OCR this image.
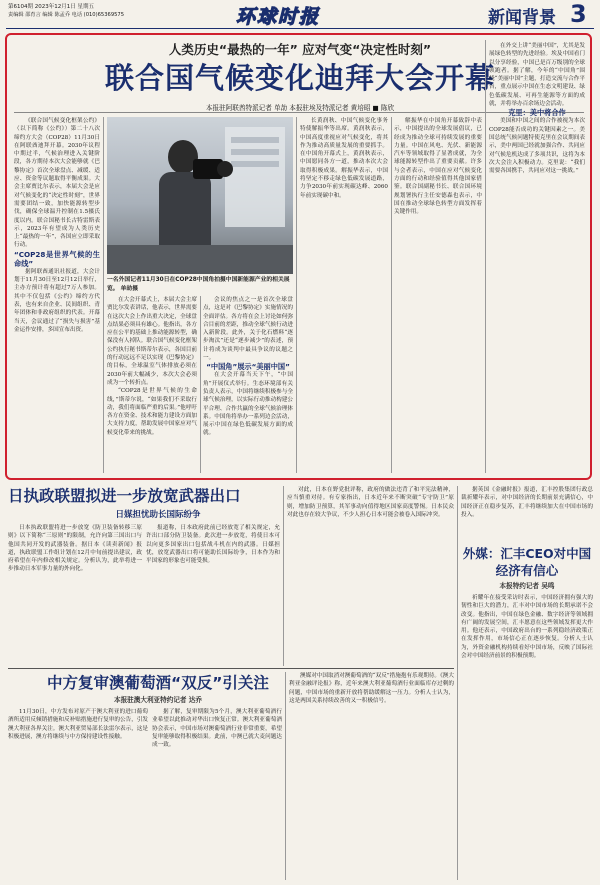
第6104期 2023年12月1日 星期五
责编辑 邵育言 编辑 陈孟乔 电话 (010)65369575	环球时报	新闻背景 3
人类历史“最热的一年” 应对气变“决定性时刻”
联合国气候变化迪拜大会开幕
本报驻阿联酋特派记者 单劼 本报驻埃及特派记者 黄培昭 ■ 陈欣

《联合国气候变化框架公约》（以下简称《公约》）第二十八次缔约方大会（COP28）11月30日在阿联酋迪拜开幕。2030年议程中期过半，气候治理进入关键阶段，各方期待本次大会能够就《巴黎协定》首次全球盘点、减缓、适应、资金等议题取得平衡成果。大会主席贾比尔表示，本届大会是应对气候变化的“决定性时刻”，世界需要团结一致，加快能源转型步伐，确保全球温升控制在1.5摄氏度以内。联合国秘书长古特雷斯表示，2023年有望成为人类历史上“最热的一年”，各国应立即采取行动。

“COP28是世界气候的生命线”

据阿联酋通讯社报道，大会计划于11月30日至12月12日举行，主办方预计将有超过7万人参加。其中不仅包括《公约》缔约方代表，也有来自企业、民间组织、青年团体和非政府组织的代表。开幕当天，会议通过了“损失与损害”基金运作安排，多国宣布出资。

一名外国记者11月30日在COP28中国角拍摄中国新能源产业的相关展览。 单劼摄

在大会开幕式上，本届大会主席贾比尔发表讲话，他表示，世界需要在这次大会上作出重大决定，全球盘点结果必须具有雄心。他指出，各方应在公平的基础上推动能源转型，确保没有人掉队。联合国气候变化框架公约执行秘书斯蒂尔表示，各国目前的行动远远不足以实现《巴黎协定》的目标，全球温室气体排放必须在2030年前大幅减少，本次大会必须成为一个转折点。

“COP28是世界气候的生命线，”斯蒂尔说，“如果我们不采取行动，我们将面临严重的后果。”他呼吁各方在资金、技术和能力建设方面加大支持力度，帮助发展中国家应对气候变化带来的挑战。

会议的焦点之一是首次全球盘点，这是对《巴黎协定》实施情况的全面评估。各方将在会上讨论如何弥合目前的差距，推动全球气候行动进入新阶段。此外，关于化石燃料“逐步淘汰”还是“逐步减少”的表述，预计将成为谈判中最具争议的议题之一。

“中国角”展示“美丽中国”

在大会开幕当天下午，“中国角”开展仪式举行。生态环境部有关负责人表示，中国将继续积极参与全球气候治理，以实际行动推动构建公平合理、合作共赢的全球气候治理体系。中国角将举办一系列边会活动，展示中国在绿色低碳发展方面的成就。

长黄润秋、中国气候变化事务特使解振华等出席。黄润秋表示，中国高度重视应对气候变化，将其作为推动高质量发展的重要抓手。在中国角开幕式上，黄润秋表示，中国愿同各方一道，推动本次大会取得积极成果。解振华表示，中国将坚定不移走绿色低碳发展道路，力争2030年前实现碳达峰、2060年前实现碳中和。

解振华在中国角开幕致辞中表示，中国提出的全球发展倡议，已经成为推动全球可持续发展的重要力量。中国在风电、光伏、新能源汽车等领域取得了显著成就，为全球能源转型作出了重要贡献。许多与会者表示，中国在应对气候变化方面的行动和经验值得其他国家借鉴。联合国副秘书长、联合国环境规划署执行主任安德森也表示，中国在推动全球绿色转型方面发挥着关键作用。

在外交上讲“美丽中国”，尤其是发展绿色转型的先进经验。埃及中国看门以分享经验，中国已是百万级别的全球领跑者。据了解，今年的“中国角”围绕“美丽中国”主题，打造交流与合作平台，重点展示中国在生态文明建设、绿色低碳发展、可再生能源等方面的成就，并将举办百余场边会活动。

克里：美中将合作

美国和中国之间的合作被视为本次COP28能否成功的关键因素之一。美国总统气候问题特使克里在会议期间表示，美中两国已经就加强合作、共同应对气候危机达成了多项共识，这将为本次大会注入积极动力。克里说：“我们需要各国携手，共同应对这一挑战。”

日执政联盟拟进一步放宽武器出口
日媒担忧助长国际纷争

日本执政联盟将进一步放宽《防卫装备转移三原则》以下简称“三原则”的限制，允许向第三国出口与他国共同开发的武器装备。据日本《读卖新闻》报道，执政联盟工作组计划在12月中旬前提出建议，政府希望在年内修改相关规定。分析认为，此举将进一步推动日本军事力量的外向化。

报道称，日本政府此前已经放宽了相关规定，允许出口部分防卫装备。此次进一步放宽，将使日本可以向更多国家出口包括战斗机在内的武器。日媒担忧，放宽武器出口将可能助长国际纷争，日本作为和平国家的形象也可能受损。

对此，日本在野党批评称，政府的做法违背了和平宪法精神，应当慎重对待。有专家指出，日本近年来不断突破“专守防卫”原则，增加防卫预算，其军事动向值得地区国家高度警惕。日本民众对此也存在较大争议，不少人担心日本可能会被卷入国际冲突。

中方复审澳葡萄酒“双反”引关注
本报驻澳大利亚特约记者 达乔

11月30日，中方发布对原产于澳大利亚的进口葡萄酒所适用反倾销措施和反补贴措施进行复审的公告，引发澳大利亚各界关注。澳大利亚贸易部长法雷尔表示，这是积极进展，澳方将继续与中方保持建设性接触。

据了解，复审期限为5个月，澳大利亚葡萄酒行业希望以此推动对华出口恢复正常。澳大利亚葡萄酒协会表示，中国市场对澳葡萄酒行业非常重要，希望复审能够取得积极结果。此前，中澳已就大麦问题达成一致。

澳媒对中国取消对澳葡萄酒的“双反”措施抱有乐观期待。《澳大利亚金融评论报》称，近年来澳大利亚葡萄酒行业面临库存过剩的问题，中国市场的重新开放将帮助缓解这一压力。分析人士认为，这是两国关系持续改善的又一积极信号。

据英国《金融时报》报道，汇丰控股集团行政总裁祈耀年表示，对中国经济的长期前景充满信心，中国经济正在稳步复苏，汇丰将继续加大在中国市场的投入。

外媒：汇丰CEO对中国经济有信心
本报特约记者 吴鸣

祈耀年在接受采访时表示，中国经济拥有强大的韧性和巨大的潜力，汇丰对中国市场的长期承诺不会改变。他指出，中国在绿色金融、数字经济等领域拥有广阔的发展空间，汇丰愿意在这些领域发挥更大作用。他还表示，中国政府出台的一系列稳经济政策正在发挥作用，市场信心正在逐步恢复。分析人士认为，外资金融机构持续看好中国市场，反映了国际社会对中国经济前景的积极预期。
